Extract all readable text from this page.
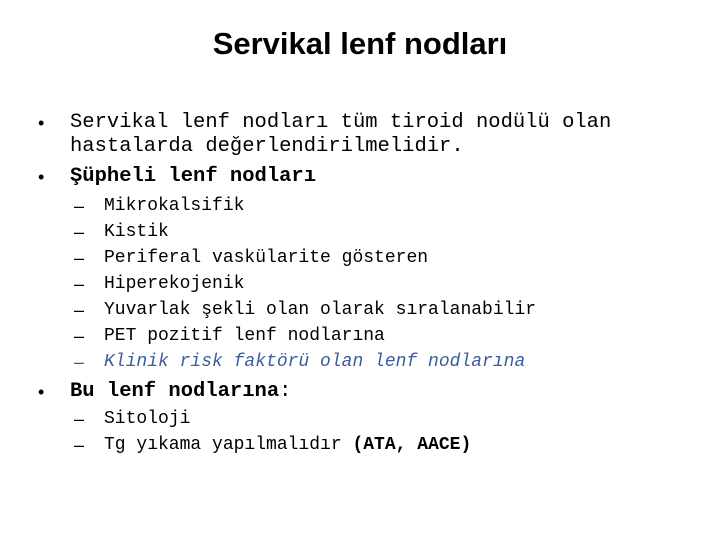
Servikal lenf nodları
• Servikal lenf nodları tüm tiroid nodülü olan
hastalarda değerlendirilmelidir.
• Şüpheli lenf nodları
– Mikrokalsifik
– Kistik
– Periferal vaskülarite gösteren
– Hiperekojenik
– Yuvarlak şekli olan olarak sıralanabilir
– PET pozitif lenf nodlarına
– Klinik risk faktörü olan lenf nodlarına
• Bu lenf nodlarına:
– Sitoloji
– Tg yıkama yapılmalıdır (ATA, AACE)
